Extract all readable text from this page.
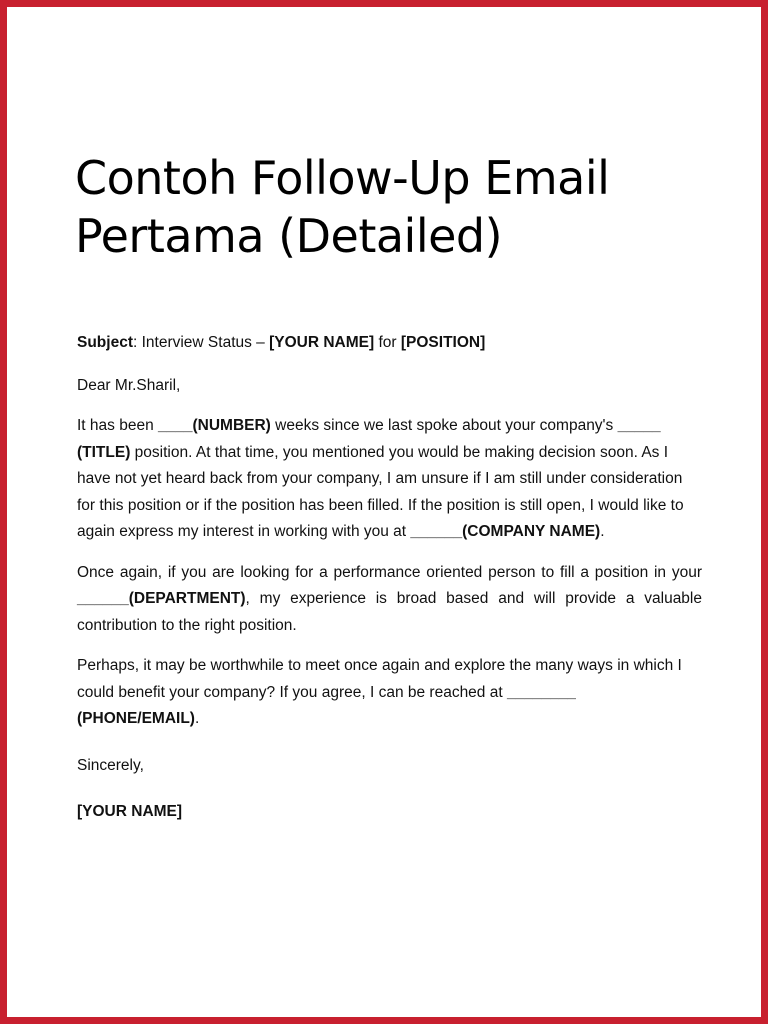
Contoh Follow-Up Email
Pertama (Detailed)

Subject: Interview Status – [YOUR NAME] for [POSITION]

Dear Mr.Sharil,

It has been ____(NUMBER) weeks since we last spoke about your company's _____ (TITLE) position. At that time, you mentioned you would be making decision soon. As I have not yet heard back from your company, I am unsure if I am still under consideration for this position or if the position has been filled. If the position is still open, I would like to again express my interest in working with you at ______(COMPANY NAME).

Once again, if you are looking for a performance oriented person to fill a position in your ______(DEPARTMENT), my experience is broad based and will provide a valuable contribution to the right position.

Perhaps, it may be worthwhile to meet once again and explore the many ways in which I could benefit your company? If you agree, I can be reached at ________ (PHONE/EMAIL).

Sincerely,

[YOUR NAME]
